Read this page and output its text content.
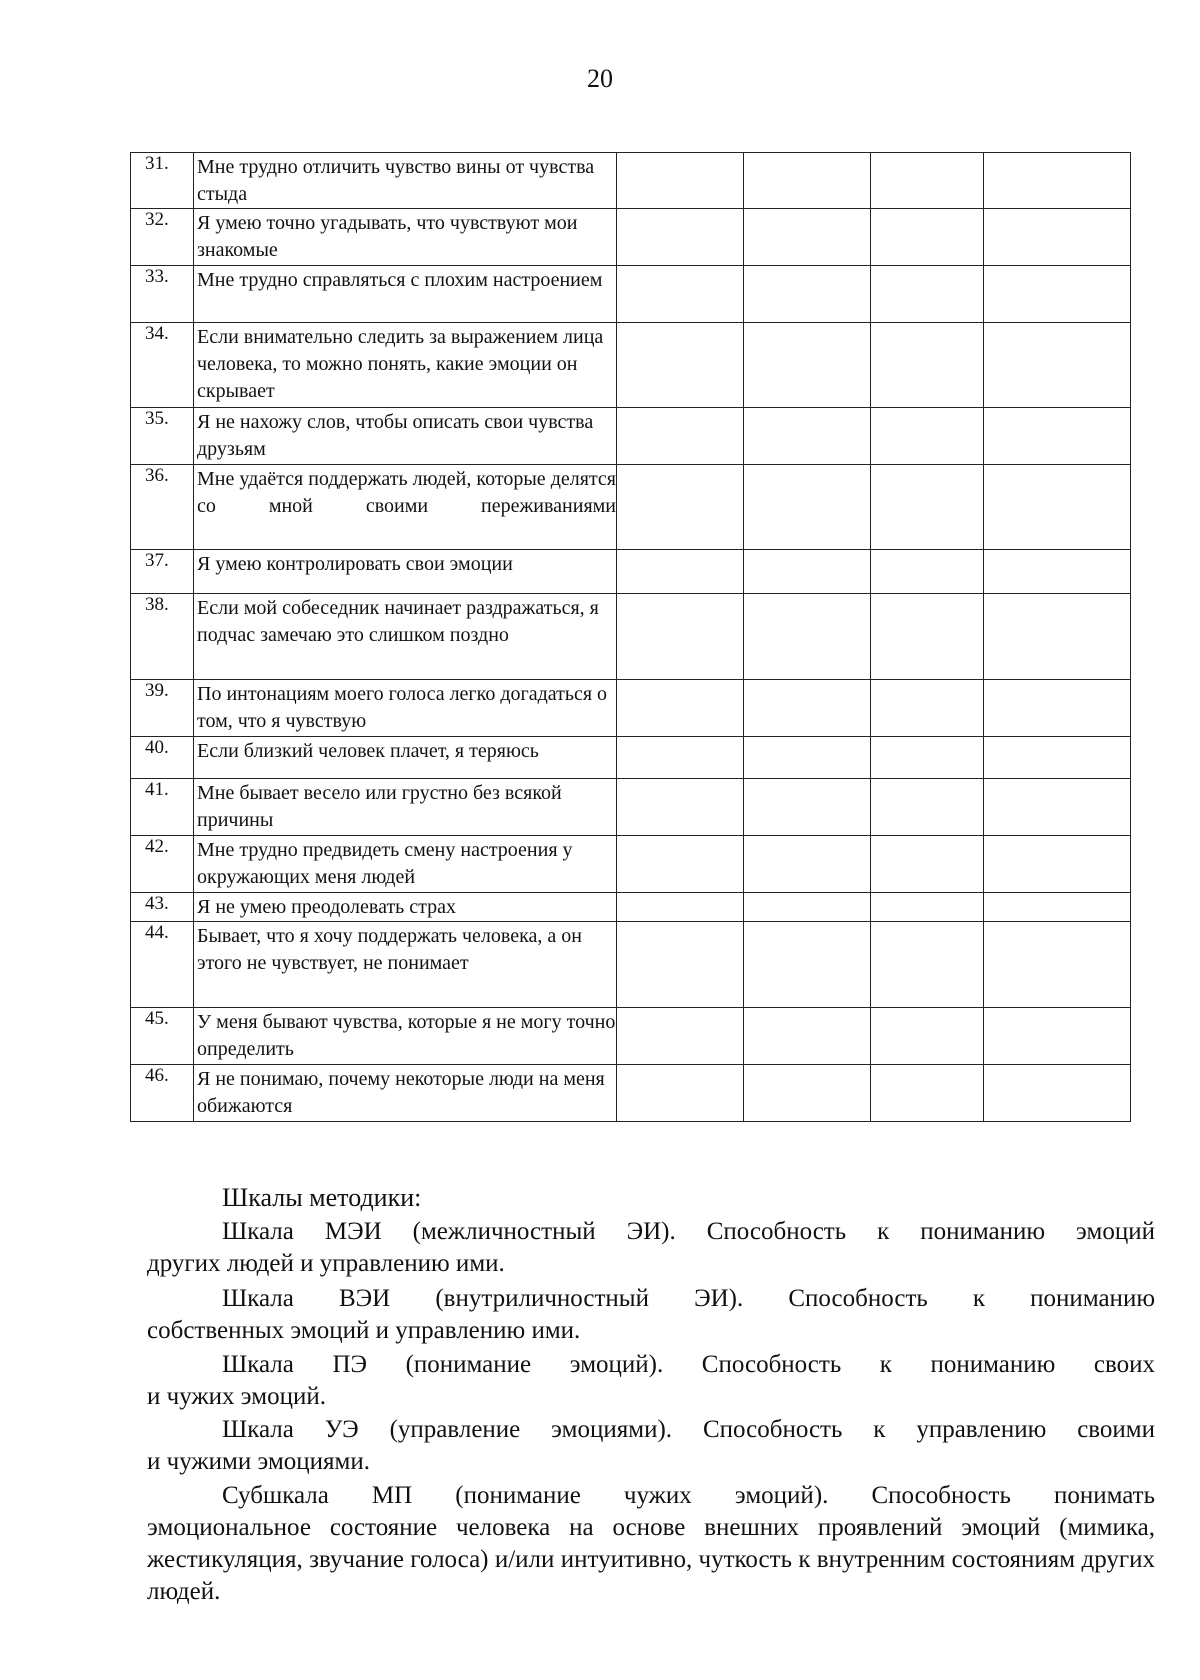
20
31.	Мне трудно отличить чувство вины от чувства стыда				
32.	Я умею точно угадывать, что чувствуют мои знакомые				
33.	Мне трудно справляться с плохим настроением				
34.	Если внимательно следить за выражением лица человека, то можно понять, какие эмоции он скрывает				
35.	Я не нахожу слов, чтобы описать свои чувства друзьям				
36.	Мне удаётся поддержать людей, которые делятся со мной своими переживаниями				
37.	Я умею контролировать свои эмоции				
38.	Если мой собеседник начинает раздражаться, я подчас замечаю это слишком поздно				
39.	По интонациям моего голоса легко догадаться о том, что я чувствую				
40.	Если близкий человек плачет, я теряюсь				
41.	Мне бывает весело или грустно без всякой причины				
42.	Мне трудно предвидеть смену настроения у окружающих меня людей				
43.	Я не умею преодолевать страх				
44.	Бывает, что я хочу поддержать человека, а он этого не чувствует, не понимает				
45.	У меня бывают чувства, которые я не могу точно определить				
46.	Я не понимаю, почему некоторые люди на меня обижаются				
Шкалы методики:
Шкала МЭИ (межличностный ЭИ). Способность к пониманию эмоций
других людей и управлению ими.
Шкала ВЭИ (внутриличностный ЭИ). Способность к пониманию
собственных эмоций и управлению ими.
Шкала ПЭ (понимание эмоций). Способность к пониманию своих
и чужих эмоций.
Шкала УЭ (управление эмоциями). Способность к управлению своими
и чужими эмоциями.
Субшкала МП (понимание чужих эмоций). Способность понимать
эмоциональное состояние человека на основе внешних проявлений эмоций (мимика, жестикуляция, звучание голоса) и/или интуитивно, чуткость к внутренним состояниям других людей.
